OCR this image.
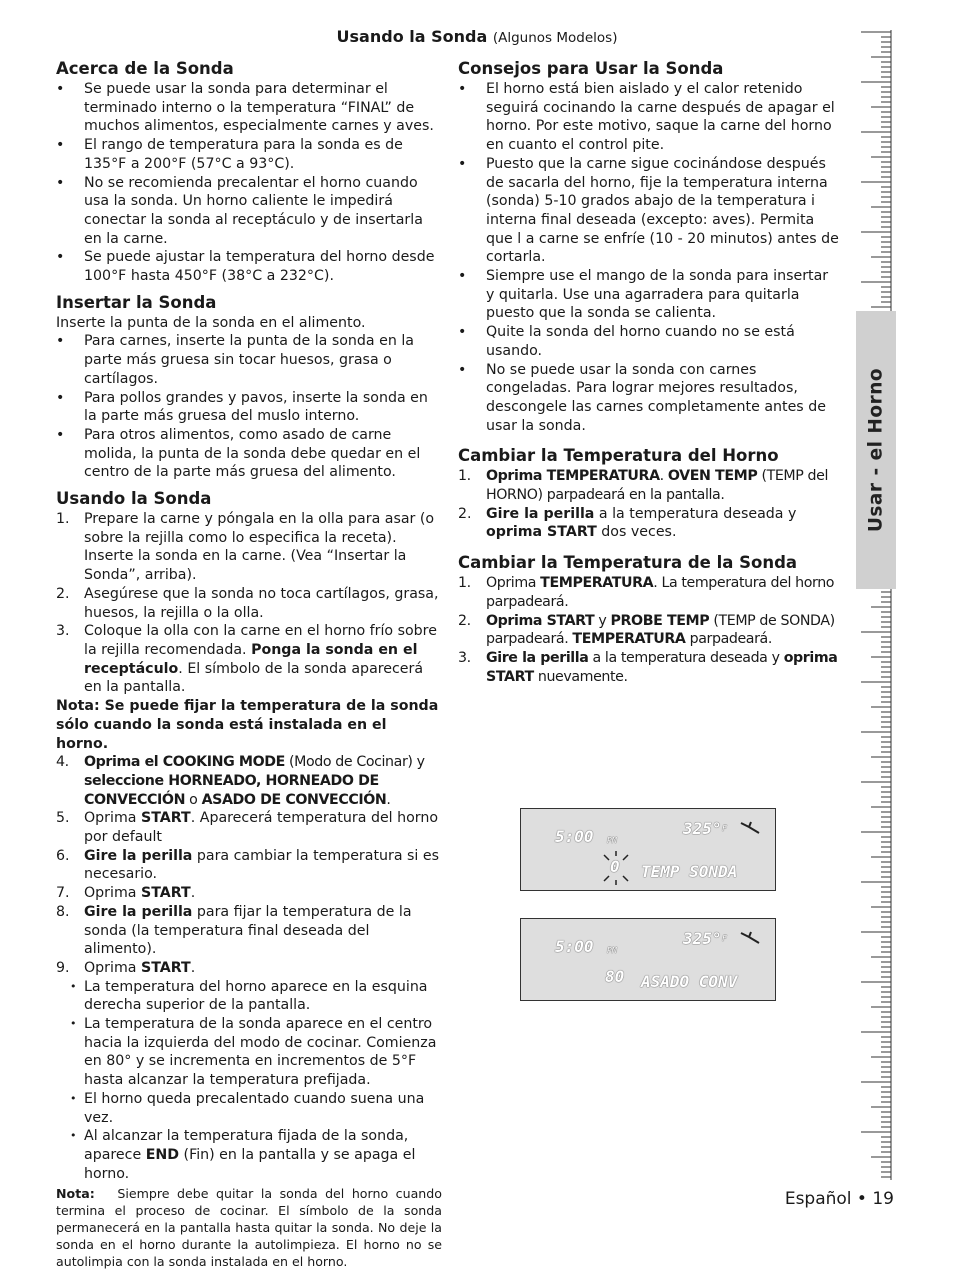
Usando la Sonda (Algunos Modelos)
Acerca de la Sonda
• Se puede usar la sonda para determinar el terminado interno o la temperatura “FINAL” de muchos alimentos, especialmente carnes y aves.
• El rango de temperatura para la sonda es de 135°F a 200°F (57°C a 93°C).
• No se recomienda precalentar el horno cuando usa la sonda. Un horno caliente le impedirá conectar la sonda al receptáculo y de insertarla en la carne.
• Se puede ajustar la temperatura del horno desde 100°F hasta 450°F (38°C a 232°C).
Insertar la Sonda

Inserte la punta de la sonda en el alimento.

• Para carnes, inserte la punta de la sonda en la parte más gruesa sin tocar huesos, grasa o cartílagos.
• Para pollos grandes y pavos, inserte la sonda en la parte más gruesa del muslo interno.
• Para otros alimentos, como asado de carne molida, la punta de la sonda debe quedar en el centro de la parte más gruesa del alimento.
Usando la Sonda
1. Prepare la carne y póngala en la olla para asar (o sobre la rejilla como lo especifica la receta). Inserte la sonda en la carne. (Vea “Insertar la Sonda”, arriba).
2. Asegúrese que la sonda no toca cartílagos, grasa, huesos, la rejilla o la olla.
3. Coloque la olla con la carne en el horno frío sobre la rejilla recomendada. Ponga la sonda en el receptáculo. El símbolo de la sonda aparecerá en la pantalla.

Nota: Se puede fijar la temperatura de la sonda sólo cuando la sonda está instalada en el horno.

4. Oprima el COOKING MODE (Modo de Cocinar) y seleccione HORNEADO, HORNEADO DE CONVECCIÓN o ASADO DE CONVECCIÓN.
5. Oprima START. Aparecerá temperatura del horno por default
6. Gire la perilla para cambiar la temperatura si es necesario.
7. Oprima START.
8. Gire la perilla para fijar la temperatura de la sonda (la temperatura final deseada del alimento).
9. Oprima START.
• La temperatura del horno aparece en la esquina derecha superior de la pantalla.
• La temperatura de la sonda aparece en el centro hacia la izquierda del modo de cocinar. Comienza en 80° y se incrementa en incrementos de 5°F hasta alcanzar la temperatura prefijada.
• El horno queda precalentado cuando suena una vez.
• Al alcanzar la temperatura fijada de la sonda, aparece END (Fin) en la pantalla y se apaga el horno.

Nota: Siempre debe quitar la sonda del horno cuando termina el proceso de cocinar. El símbolo de la sonda permanecerá en la pantalla hasta quitar la sonda. No deje la sonda en el horno durante la autolimpieza. El horno no se autolimpia con la sonda instalada en el horno.

Consejos para Usar la Sonda
• El horno está bien aislado y el calor retenido seguirá cocinando la carne después de apagar el horno. Por este motivo, saque la carne del horno en cuanto el control pite.
• Puesto que la carne sigue cocinándose después de sacarla del horno, fije la temperatura interna (sonda) 5-10 grados abajo de la temperatura i interna final deseada (excepto: aves). Permita que l a carne se enfríe (10 - 20 minutos) antes de cortarla.
• Siempre use el mango de la sonda para insertar y quitarla. Use una agarradera para quitarla puesto que la sonda se calienta.
• Quite la sonda del horno cuando no se está usando.
• No se puede usar la sonda con carnes congeladas. Para lograr mejores resultados, descongele las carnes completamente antes de usar la sonda.
Cambiar la Temperatura del Horno
1. Oprima TEMPERATURA. OVEN TEMP (TEMP del HORNO) parpadeará en la pantalla.
2. Gire la perilla a la temperatura deseada y oprima START dos veces.
Cambiar la Temperatura de la Sonda
1. Oprima TEMPERATURA. La temperatura del horno parpadeará.
2. Oprima START y PROBE TEMP (TEMP de SONDA) parpadeará. TEMPERATURA parpadeará.
3. Gire la perilla a la temperatura deseada y oprima START nuevamente.
5:00 PM
325° F
0 TEMP SONDA
5:00 PM
325° F
80 ASADO CONV
Usar - el Horno
Español • 19
